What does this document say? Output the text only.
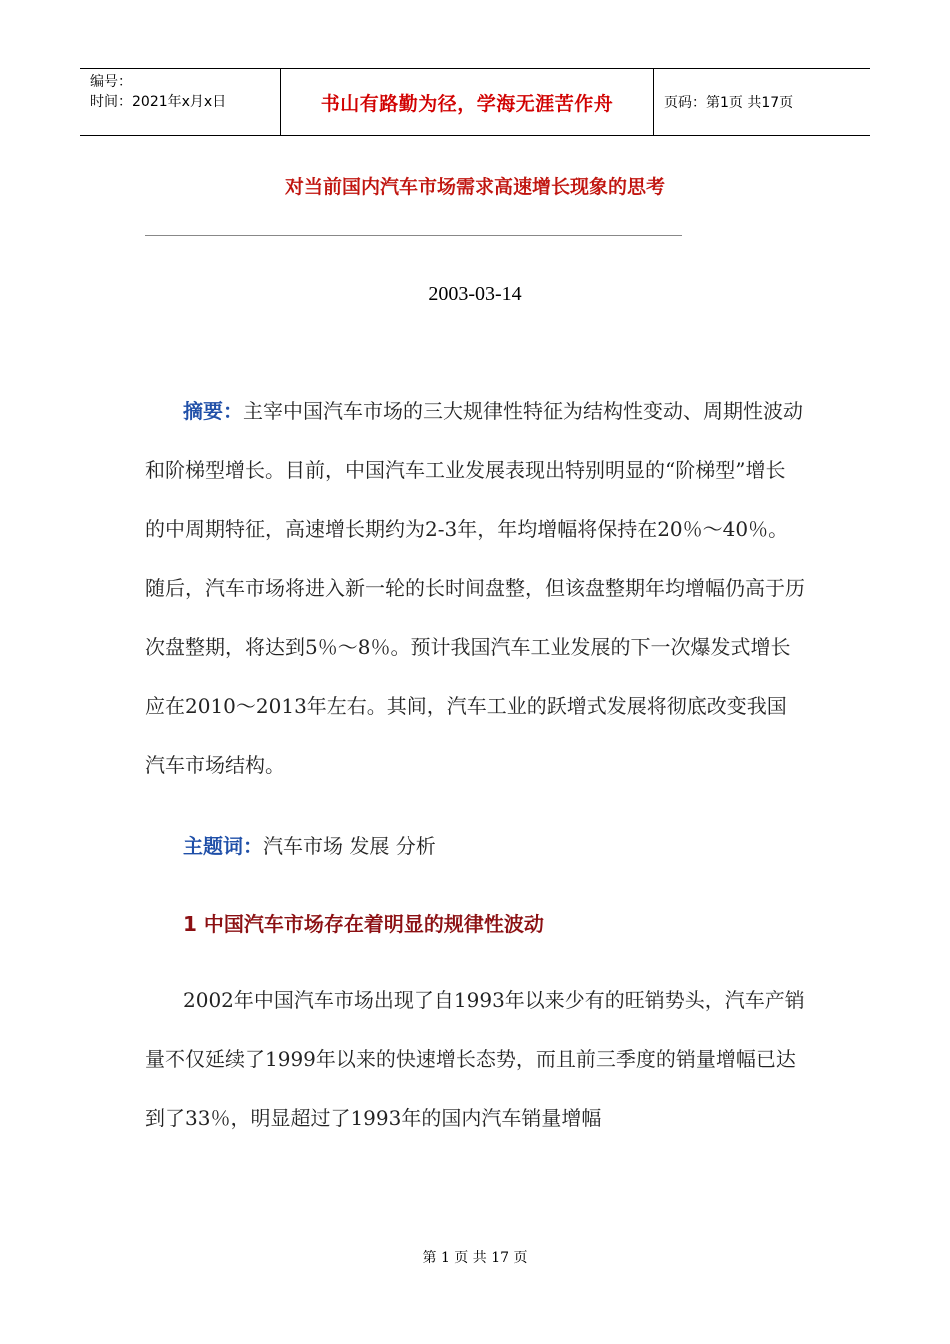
编号：
时间：2021年x月x日	书山有路勤为径，学海无涯苦作舟	页码：第1页 共17页
对当前国内汽车市场需求高速增长现象的思考
2003-03-14

摘要：主宰中国汽车市场的三大规律性特征为结构性变动、周期性波动和阶梯型增长。目前，中国汽车工业发展表现出特别明显的“阶梯型”增长的中周期特征，高速增长期约为2-3年，年均增幅将保持在20％～40％。随后，汽车市场将进入新一轮的长时间盘整，但该盘整期年均增幅仍高于历次盘整期，将达到5％～8％。预计我国汽车工业发展的下一次爆发式增长应在2010～2013年左右。其间，汽车工业的跃增式发展将彻底改变我国汽车市场结构。

主题词：汽车市场 发展 分析

1 中国汽车市场存在着明显的规律性波动

2002年中国汽车市场出现了自1993年以来少有的旺销势头，汽车产销量不仅延续了1999年以来的快速增长态势，而且前三季度的销量增幅已达到了33％，明显超过了1993年的国内汽车销量增幅

第 1 页 共 17 页
